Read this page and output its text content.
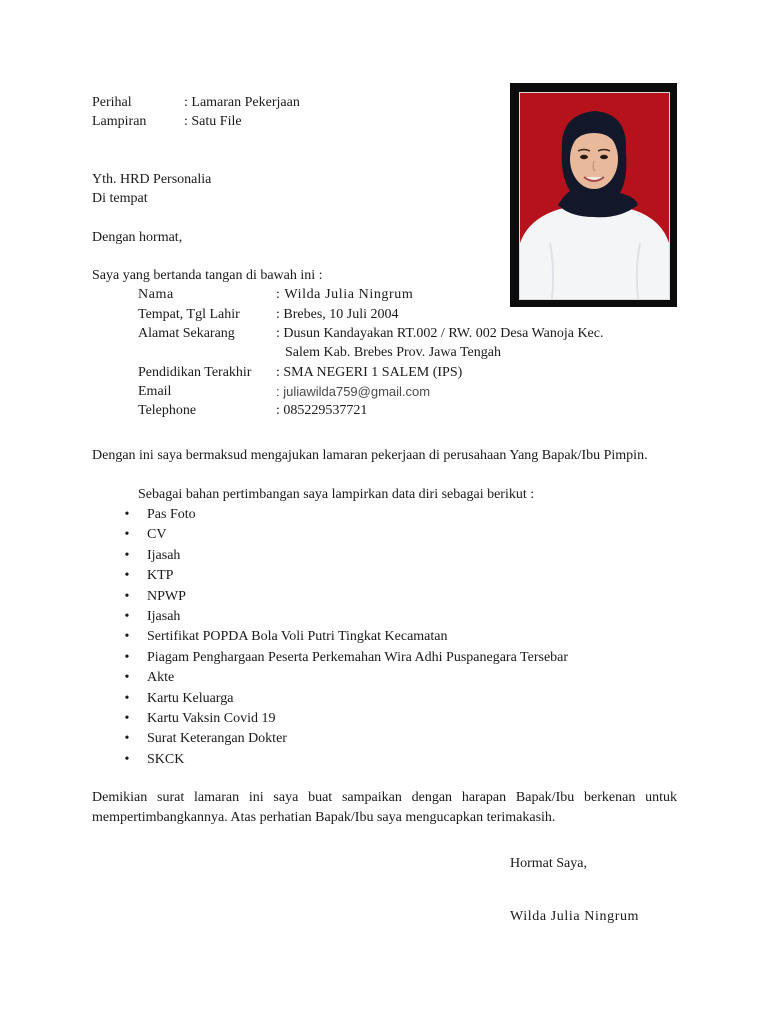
Perihal	: Lamaran Pekerjaan
Lampiran	: Satu File
Yth. HRD Personalia
Di tempat
Dengan hormat,
Saya yang bertanda tangan di bawah ini :
Nama	: Wilda Julia Ningrum
Tempat, Tgl Lahir	: Brebes, 10 Juli 2004
Alamat Sekarang	: Dusun Kandayakan RT.002 / RW. 002 Desa Wanoja Kec.
Salem Kab. Brebes Prov. Jawa Tengah
Pendidikan Terakhir : SMA NEGERI 1 SALEM (IPS)
Email	: juliawilda759@gmail.com
Telephone	: 085229537721
Dengan ini saya bermaksud mengajukan lamaran pekerjaan di perusahaan Yang Bapak/Ibu Pimpin.
Sebagai bahan pertimbangan saya lampirkan data diri sebagai berikut :
•	Pas Foto
•	CV
•	Ijasah
•	KTP
•	NPWP
•	Ijasah
•	Sertifikat POPDA Bola Voli Putri Tingkat Kecamatan
•	Piagam Penghargaan Peserta Perkemahan Wira Adhi Puspanegara Tersebar
•	Akte
•	Kartu Keluarga
•	Kartu Vaksin Covid 19
•	Surat Keterangan Dokter
•	SKCK
Demikian surat lamaran ini saya buat sampaikan dengan harapan Bapak/Ibu berkenan untuk mempertimbangkannya. Atas perhatian Bapak/Ibu saya mengucapkan terimakasih.
Hormat Saya,
Wilda Julia Ningrum
